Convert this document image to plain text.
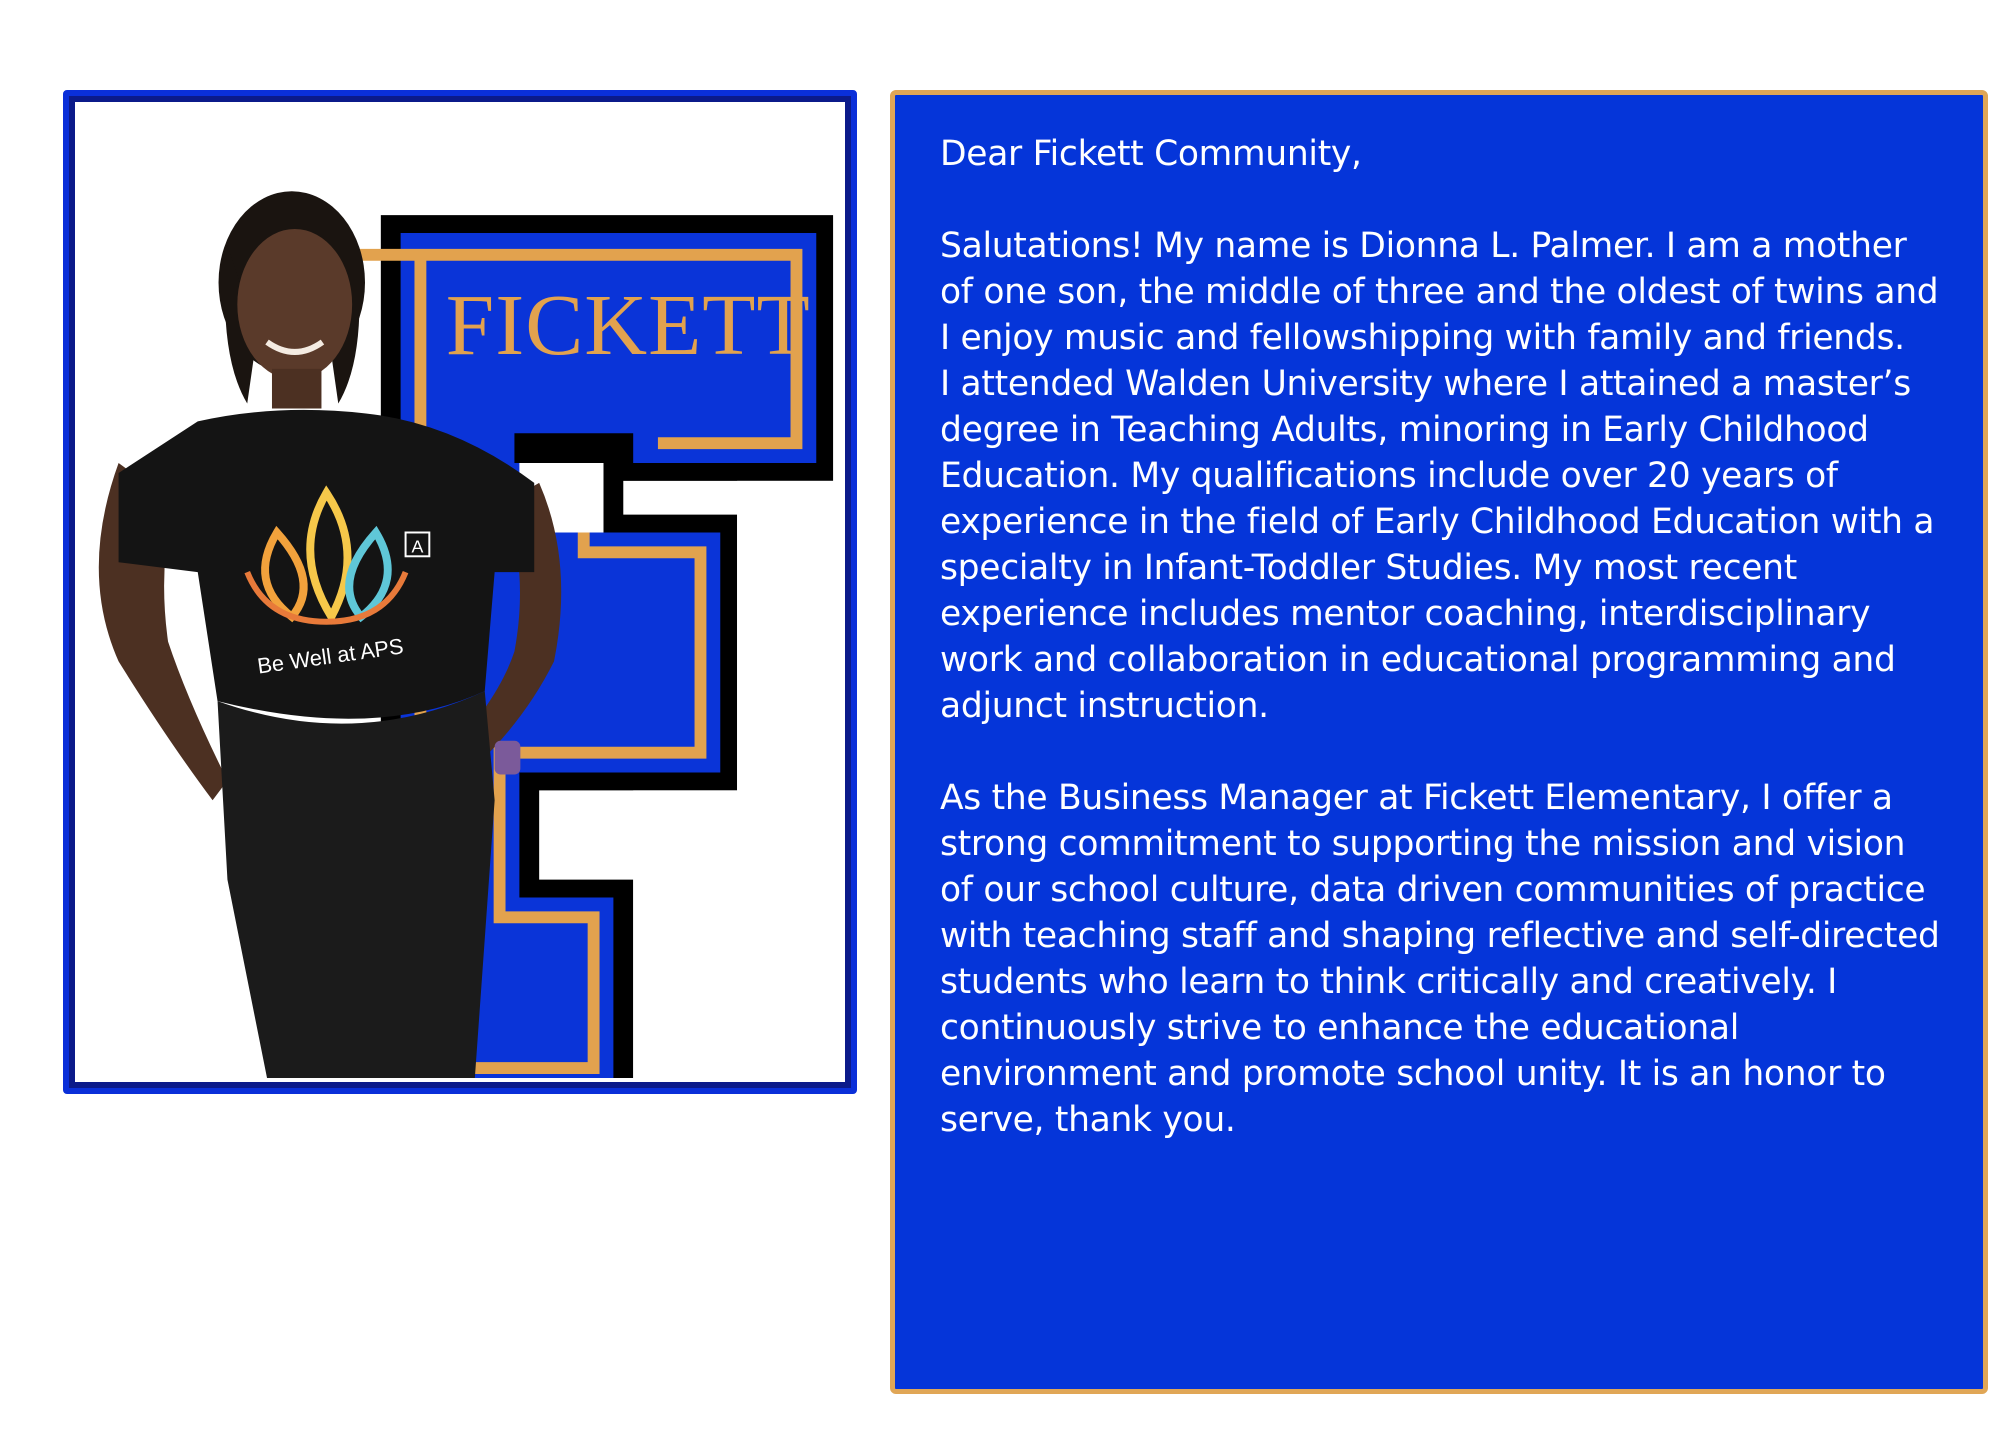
FICKETT
A
Be Well at APS

Dear Fickett Community,

Salutations! My name is Dionna L. Palmer. I am a mother of one son, the middle of three and the oldest of twins and I enjoy music and fellowshipping with family and friends.
I attended Walden University where I attained a master’s degree in Teaching Adults, minoring in Early Childhood Education. My qualifications include over 20 years of experience in the field of Early Childhood Education with a specialty in Infant-Toddler Studies. My most recent experience includes mentor coaching, interdisciplinary work and collaboration in educational programming and adjunct instruction.

As the Business Manager at Fickett Elementary, I offer a strong commitment to supporting the mission and vision of our school culture, data driven communities of practice with teaching staff and shaping reflective and self-directed students who learn to think critically and creatively. I continuously strive to enhance the educational environment and promote school unity. It is an honor to serve, thank you.
